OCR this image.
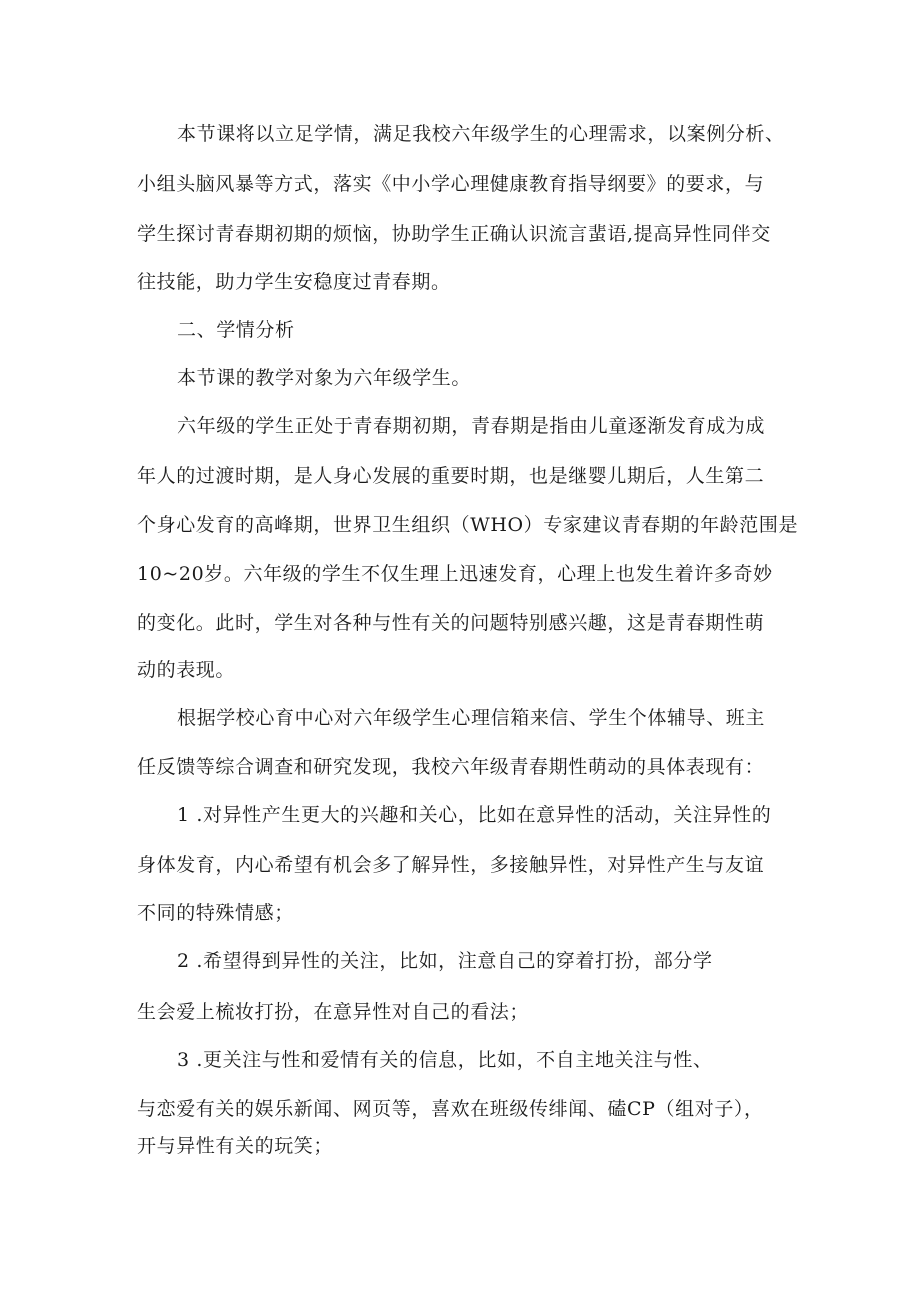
本节课将以立足学情，满足我校六年级学生的心理需求，以案例分析、
小组头脑风暴等方式，落实《中小学心理健康教育指导纲要》的要求，与
学生探讨青春期初期的烦恼，协助学生正确认识流言蜚语,提高异性同伴交
往技能，助力学生安稳度过青春期。
二、学情分析
本节课的教学对象为六年级学生。
六年级的学生正处于青春期初期，青春期是指由儿童逐渐发育成为成
年人的过渡时期，是人身心发展的重要时期，也是继婴儿期后，人生第二
个身心发育的高峰期，世界卫生组织（WHO）专家建议青春期的年龄范围是
10~20岁。六年级的学生不仅生理上迅速发育，心理上也发生着许多奇妙
的变化。此时，学生对各种与性有关的问题特别感兴趣，这是青春期性萌
动的表现。
根据学校心育中心对六年级学生心理信箱来信、学生个体辅导、班主
任反馈等综合调查和研究发现，我校六年级青春期性萌动的具体表现有：
1 .对异性产生更大的兴趣和关心，比如在意异性的活动，关注异性的
身体发育，内心希望有机会多了解异性，多接触异性，对异性产生与友谊
不同的特殊情感；
2 .希望得到异性的关注，比如，注意自己的穿着打扮，部分学
生会爱上梳妆打扮，在意异性对自己的看法；
3 .更关注与性和爱情有关的信息，比如，不自主地关注与性、
与恋爱有关的娱乐新闻、网页等，喜欢在班级传绯闻、磕CP（组对子），
开与异性有关的玩笑；
